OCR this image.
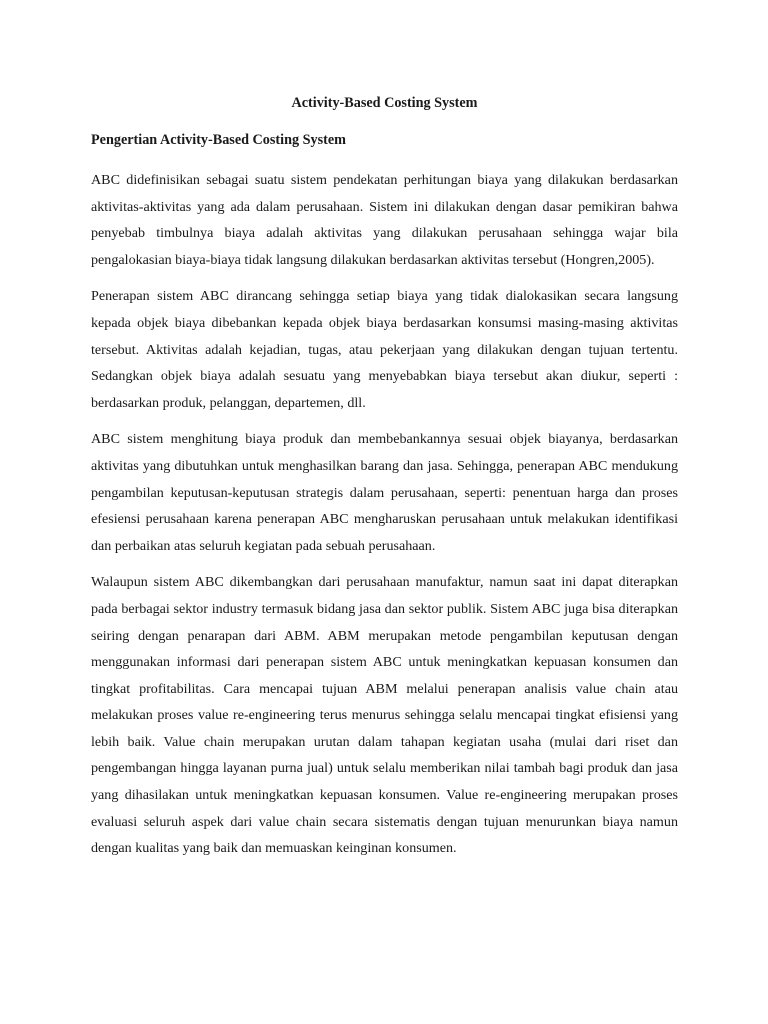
Activity-Based Costing System
Pengertian Activity-Based Costing System

ABC didefinisikan sebagai suatu sistem pendekatan perhitungan biaya yang dilakukan berdasarkan aktivitas-aktivitas yang ada dalam perusahaan. Sistem ini dilakukan dengan dasar pemikiran bahwa penyebab timbulnya biaya adalah aktivitas yang dilakukan perusahaan sehingga wajar bila pengalokasian biaya-biaya tidak langsung dilakukan berdasarkan aktivitas tersebut (Hongren,2005).

Penerapan sistem ABC dirancang sehingga setiap biaya yang tidak dialokasikan secara langsung kepada objek biaya dibebankan kepada objek biaya berdasarkan konsumsi masing-masing aktivitas tersebut. Aktivitas adalah kejadian, tugas, atau pekerjaan yang dilakukan dengan tujuan tertentu. Sedangkan objek biaya adalah sesuatu yang menyebabkan biaya tersebut akan diukur, seperti : berdasarkan produk, pelanggan, departemen, dll.

ABC sistem menghitung biaya produk dan membebankannya sesuai objek biayanya, berdasarkan aktivitas yang dibutuhkan untuk menghasilkan barang dan jasa. Sehingga, penerapan ABC mendukung pengambilan keputusan-keputusan strategis dalam perusahaan, seperti: penentuan harga dan proses efesiensi perusahaan karena penerapan ABC mengharuskan perusahaan untuk melakukan identifikasi dan perbaikan atas seluruh kegiatan pada sebuah perusahaan.

Walaupun sistem ABC dikembangkan dari perusahaan manufaktur, namun saat ini dapat diterapkan pada berbagai sektor industry termasuk bidang jasa dan sektor publik. Sistem ABC juga bisa diterapkan seiring dengan penarapan dari ABM. ABM merupakan metode pengambilan keputusan dengan menggunakan informasi dari penerapan sistem ABC untuk meningkatkan kepuasan konsumen dan tingkat profitabilitas. Cara mencapai tujuan ABM melalui penerapan analisis value chain atau melakukan proses value re-engineering terus menurus sehingga selalu mencapai tingkat efisiensi yang lebih baik. Value chain merupakan urutan dalam tahapan kegiatan usaha (mulai dari riset dan pengembangan hingga layanan purna jual) untuk selalu memberikan nilai tambah bagi produk dan jasa yang dihasilakan untuk meningkatkan kepuasan konsumen. Value re-engineering merupakan proses evaluasi seluruh aspek dari value chain secara sistematis dengan tujuan menurunkan biaya namun dengan kualitas yang baik dan memuaskan keinginan konsumen.
